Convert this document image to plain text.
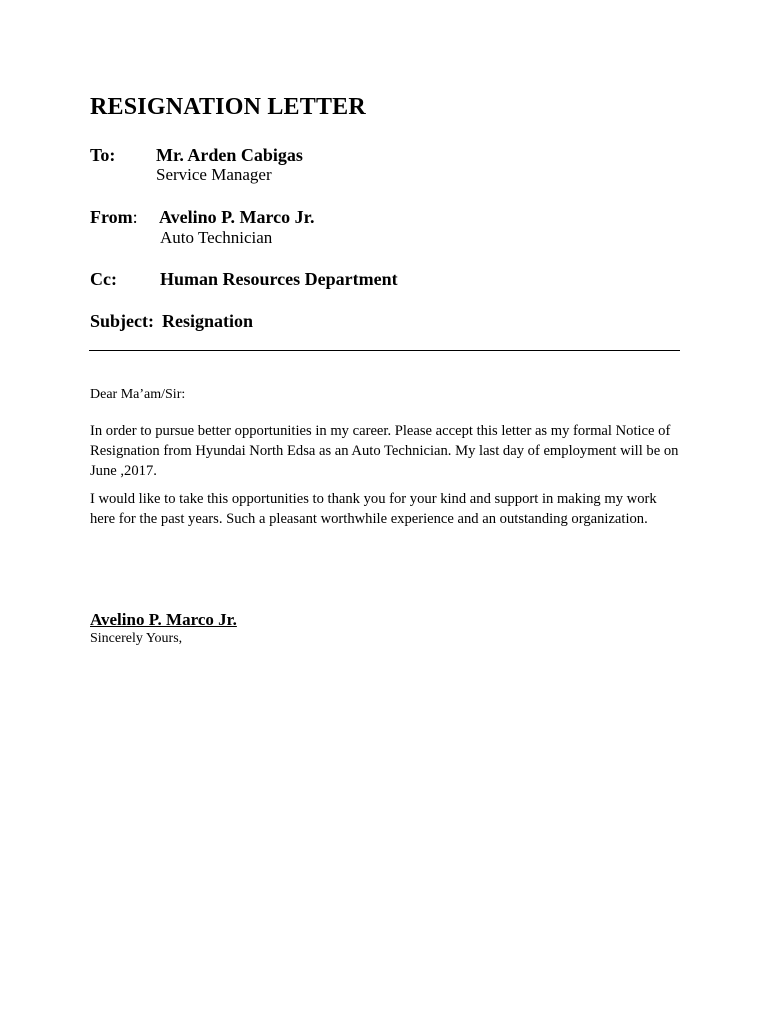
RESIGNATION LETTER
To: Mr. Arden Cabigas
Service Manager
From: Avelino P. Marco Jr.
Auto Technician
Cc: Human Resources Department
Subject: Resignation
Dear Ma’am/Sir:
In order to pursue better opportunities in my career. Please accept this letter as my formal Notice of Resignation from Hyundai North Edsa as an Auto Technician. My last day of employment will be on June ,2017.
I would like to take this opportunities to thank you for your kind and support in making my work here for the past years. Such a pleasant worthwhile experience and an outstanding organization.
Avelino P. Marco Jr.
Sincerely Yours,
